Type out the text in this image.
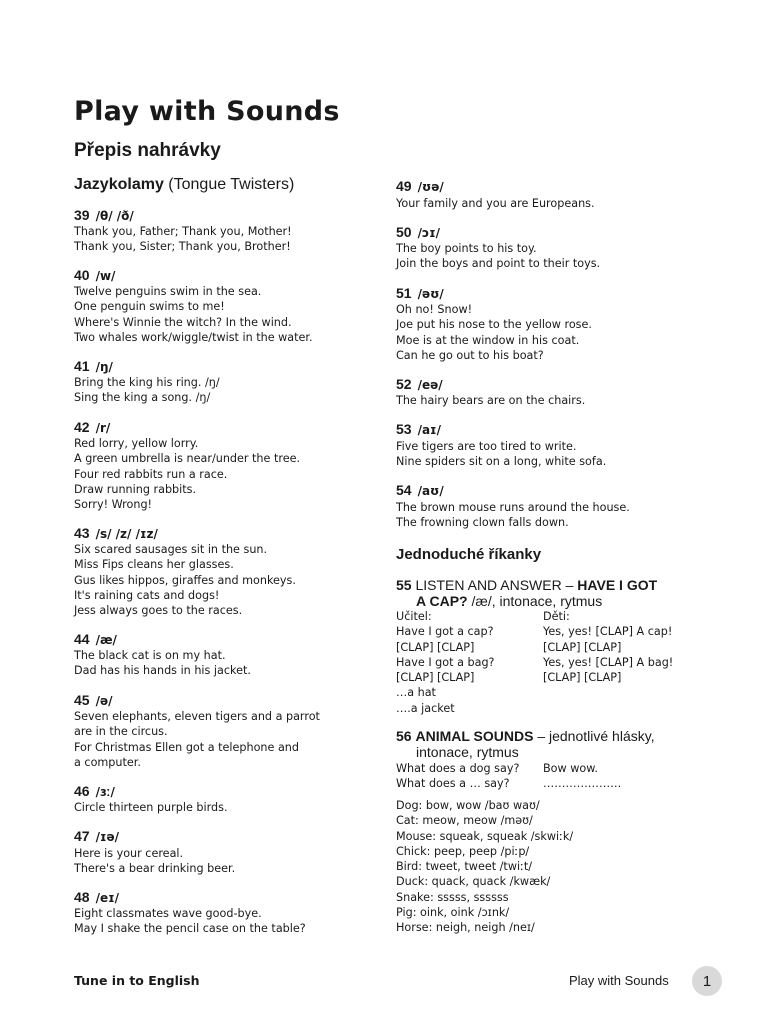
Play with Sounds
Přepis nahrávky
Jazykolamy (Tongue Twisters)
39 /θ/ /ð/
Thank you, Father; Thank you, Mother!
Thank you, Sister; Thank you, Brother!
40 /w/
Twelve penguins swim in the sea.
One penguin swims to me!
Where's Winnie the witch? In the wind.
Two whales work/wiggle/twist in the water.
41 /ŋ/
Bring the king his ring. /ŋ/
Sing the king a song. /ŋ/
42 /r/
Red lorry, yellow lorry.
A green umbrella is near/under the tree.
Four red rabbits run a race.
Draw running rabbits.
Sorry! Wrong!
43 /s/ /z/ /ɪz/
Six scared sausages sit in the sun.
Miss Fips cleans her glasses.
Gus likes hippos, giraffes and monkeys.
It's raining cats and dogs!
Jess always goes to the races.
44 /æ/
The black cat is on my hat.
Dad has his hands in his jacket.
45 /ə/
Seven elephants, eleven tigers and a parrot
are in the circus.
For Christmas Ellen got a telephone and
a computer.
46 /ɜː/
Circle thirteen purple birds.
47 /ɪə/
Here is your cereal.
There's a bear drinking beer.
48 /eɪ/
Eight classmates wave good-bye.
May I shake the pencil case on the table?
49 /ʊə/
Your family and you are Europeans.
50 /ɔɪ/
The boy points to his toy.
Join the boys and point to their toys.
51 /əʊ/
Oh no! Snow!
Joe put his nose to the yellow rose.
Moe is at the window in his coat.
Can he go out to his boat?
52 /eə/
The hairy bears are on the chairs.
53 /aɪ/
Five tigers are too tired to write.
Nine spiders sit on a long, white sofa.
54 /aʊ/
The brown mouse runs around the house.
The frowning clown falls down.
Jednoduché říkanky
55 LISTEN AND ANSWER – HAVE I GOT
A CAP? /æ/, intonace, rytmus
Učitel:	Děti:
Have I got a cap?	Yes, yes! [CLAP] A cap!
[CLAP] [CLAP]	[CLAP] [CLAP]
Have I got a bag?	Yes, yes! [CLAP] A bag!
[CLAP] [CLAP]	[CLAP] [CLAP]
…a hat
….a jacket
56 ANIMAL SOUNDS – jednotlivé hlásky,
intonace, rytmus
What does a dog say?	Bow wow.
What does a … say?	…………………
Dog: bow, wow /baʊ waʊ/
Cat: meow, meow /məʊ/
Mouse: squeak, squeak /skwiːk/
Chick: peep, peep /piːp/
Bird: tweet, tweet /twiːt/
Duck: quack, quack /kwæk/
Snake: sssss, ssssss
Pig: oink, oink /ɔɪnk/
Horse: neigh, neigh /neɪ/
Tune in to English	Play with Sounds 1
